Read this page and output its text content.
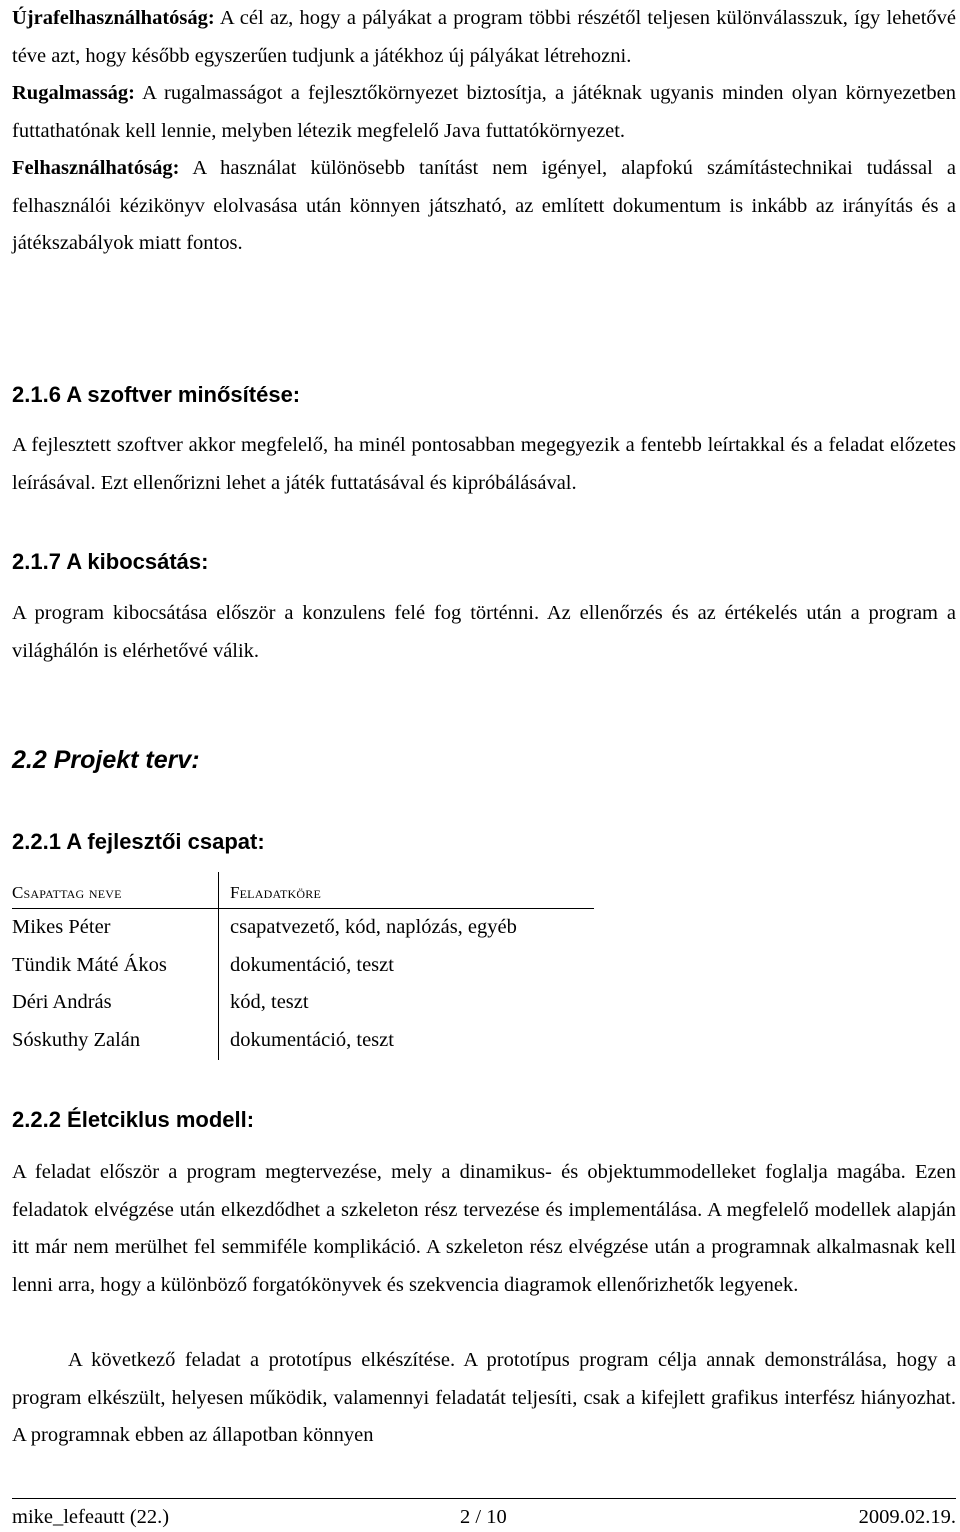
Újrafelhasználhatóság: A cél az, hogy a pályákat a program többi részétől teljesen különválasszuk, így lehetővé téve azt, hogy később egyszerűen tudjunk a játékhoz új pályákat létrehozni.

Rugalmasság: A rugalmasságot a fejlesztőkörnyezet biztosítja, a játéknak ugyanis minden olyan környezetben futtathatónak kell lennie, melyben létezik megfelelő Java futtatókörnyezet.

Felhasználhatóság: A használat különösebb tanítást nem igényel, alapfokú számítástechnikai tudással a felhasználói kézikönyv elolvasása után könnyen játszható, az említett dokumentum is inkább az irányítás és a játékszabályok miatt fontos.

2.1.6 A szoftver minősítése:

A fejlesztett szoftver akkor megfelelő, ha minél pontosabban megegyezik a fentebb leírtakkal és a feladat előzetes leírásával. Ezt ellenőrizni lehet a játék futtatásával és kipróbálásával.

2.1.7 A kibocsátás:

A program kibocsátása először a konzulens felé fog történni. Az ellenőrzés és az értékelés után a program a világhálón is elérhetővé válik.

2.2 Projekt terv:
2.2.1 A fejlesztői csapat:
Csapattag neve
Mikes Péter
Tündik Máté Ákos
Déri András
Sóskuthy Zalán
Feladatköre
csapatvezető, kód, naplózás, egyéb
dokumentáció, teszt
kód, teszt
dokumentáció, teszt
2.2.2 Életciklus modell:

A feladat először a program megtervezése, mely a dinamikus- és objektummodelleket foglalja magába. Ezen feladatok elvégzése után elkezdődhet a szkeleton rész tervezése és implementálása. A megfelelő modellek alapján itt már nem merülhet fel semmiféle komplikáció. A szkeleton rész elvégzése után a programnak alkalmasnak kell lenni arra, hogy a különböző forgatókönyvek és szekvencia diagramok ellenőrizhetők legyenek.

A következő feladat a prototípus elkészítése. A prototípus program célja annak demonstrálása, hogy a program elkészült, helyesen működik, valamennyi feladatát teljesíti, csak a kifejlett grafikus interfész hiányozhat. A programnak ebben az állapotban könnyen

mike_lefeautt (22.)	2 / 10	2009.02.19.
